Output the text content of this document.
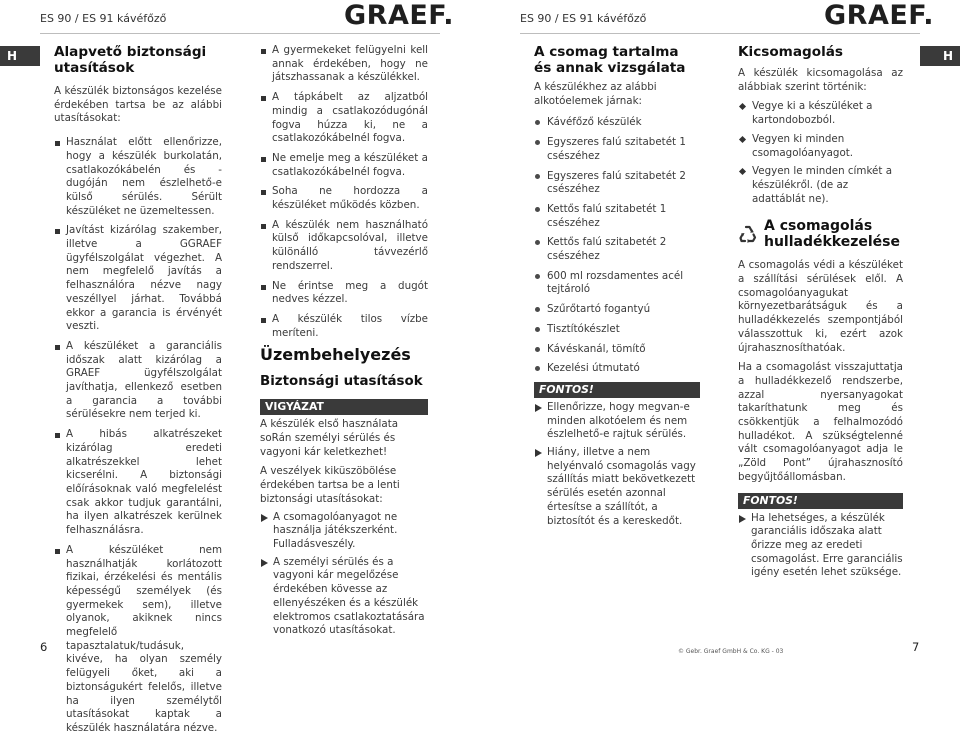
ES 90 / ES 91 kávéfőző	GRAEF.	ES 90 / ES 91 kávéfőző	GRAEF.
H	H
Alapvető biztonsági utasítások

A készülék biztonságos kezelése érdekében tartsa be az alábbi utasításokat:

Használat előtt ellenőrizze, hogy a készülék burkolatán, csatlakozókábelén és -dugóján nem észlelhető-e külső sérülés. Sérült készüléket ne üzemeltessen.
Javítást kizárólag szakember, illetve a GGRAEF ügyfélszolgálat végezhet. A nem megfelelő javítás a felhasználóra nézve nagy veszéllyel járhat. Továbbá ekkor a garancia is érvényét veszti.
A készüléket a garanciális időszak alatt kizárólag a GRAEF ügyfélszolgálat javíthatja, ellenkező esetben a garancia a további sérülésekre nem terjed ki.
A hibás alkatrészeket kizárólag eredeti alkatrészekkel lehet kicserélni. A biztonsági előírásoknak való megfelelést csak akkor tudjuk garantálni, ha ilyen alkatrészek kerülnek felhasználásra.
A készüléket nem használhatják korlátozott fizikai, érzékelési és mentális képességű személyek (és gyermekek sem), illetve olyanok, akiknek nincs megfelelő tapasztalatuk/tudásuk, kivéve, ha olyan személy felügyeli őket, aki a biztonságukért felelős, illetve ha ilyen személytől utasításokat kaptak a készülék használatára nézve.
A gyermekeket felügyelni kell annak érdekében, hogy ne játszhassanak a készülékkel.
A tápkábelt az aljzatból mindig a csatlakozódugónál fogva húzza ki, ne a csatlakozókábelnél fogva.
Ne emelje meg a készüléket a csatlakozókábelnél fogva.
Soha ne hordozza a készüléket működés közben.
A készülék nem használható külső időkapcsolóval, illetve különálló távvezérlő rendszerrel.
Ne érintse meg a dugót nedves kézzel.
A készülék tilos vízbe meríteni.
Üzembehelyezés
Biztonsági utasítások
VIGYÁZAT

A készülék első használata soRán személyi sérülés és vagyoni kár keletkezhet!

A veszélyek kiküszöbölése érdekében tartsa be a lenti biztonsági utasításokat:

A csomagolóanyagot ne használja játékszerként. Fulladásveszély.
A személyi sérülés és a vagyoni kár megelőzése érdekében kövesse az ellenyészéken és a készülék elektromos csatlakoztatására vonatkozó utasításokat.
A csomag tartalma és annak vizsgálata

A készülékhez az alábbi alkotóelemek járnak:

Kávéfőző készülék
Egyszeres falú szitabetét 1 csészéhez
Egyszeres falú szitabetét 2 csészéhez
Kettős falú szitabetét 1 csészéhez
Kettős falú szitabetét 2 csészéhez
600 ml rozsdamentes acél tejtároló
Szűrőtartó fogantyú
Tisztítókészlet
Kávéskanál, tömítő
Kezelési útmutató
FONTOS!
Ellenőrizze, hogy megvan-e minden alkotóelem és nem észlelhető-e rajtuk sérülés.
Hiány, illetve a nem helyénvaló csomagolás vagy szállítás miatt bekövetkezett sérülés esetén azonnal értesítse a szállítót, a biztosítót és a kereskedőt.
Kicsomagolás

A készülék kicsomagolása az alábbiak szerint történik:

Vegye ki a készüléket a kartondobozból.
Vegyen ki minden csomagolóanyagot.
Vegyen le minden címkét a készülékről. (de az adattáblát ne).
A csomagolás hulladékkezelése

A csomagolás védi a készüléket a szállítási sérülések elől. A csomagolóanyagukat környezetbarátságuk és a hulladékkezelés szempontjából válasszottuk ki, ezért azok újrahasznosíthatóak.

Ha a csomagolást visszajuttatja a hulladékkezelő rendszerbe, azzal nyersanyagokat takaríthatunk meg és csökkentjük a felhalmozódó hulladékot. A szükségtelenné vált csomagolóanyagot adja le „Zöld Pont” újrahasznosító begyűjtőállomásban.

FONTOS!
Ha lehetséges, a készülék garanciális időszaka alatt őrizze meg az eredeti csomagolást. Erre garanciális igény esetén lehet szüksége.
6	7
© Gebr. Graef GmbH & Co. KG - 03
